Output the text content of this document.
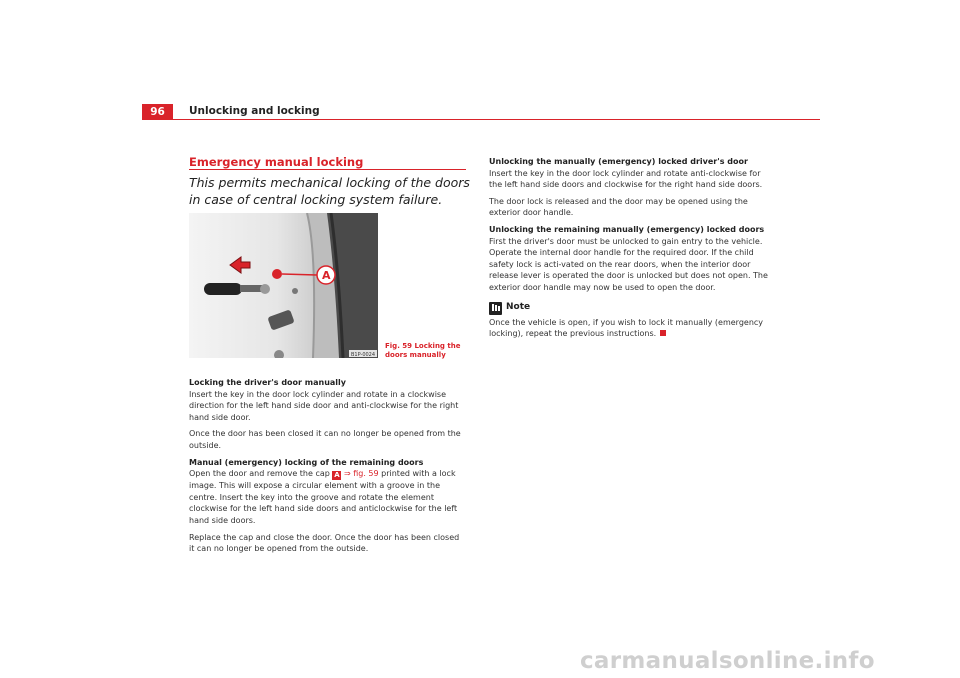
96	Unlocking and locking
Emergency manual locking
This permits mechanical locking of the doors in case of central locking system failure.
A
B1P-0024
Fig. 59 Locking the doors manually
Locking the driver's door manually

Insert the key in the door lock cylinder and rotate in a clockwise direction for the left hand side door and anti-clockwise for the right hand side door.

Once the door has been closed it can no longer be opened from the outside.

Manual (emergency) locking of the remaining doors

Open the door and remove the cap A ⇒ fig. 59 printed with a lock image. This will expose a circular element with a groove in the centre. Insert the key into the groove and rotate the element clockwise for the left hand side doors and anticlockwise for the left hand side doors.

Replace the cap and close the door. Once the door has been closed it can no longer be opened from the outside.

Unlocking the manually (emergency) locked driver's door

Insert the key in the door lock cylinder and rotate anti-clockwise for the left hand side doors and clockwise for the right hand side doors.

The door lock is released and the door may be opened using the exterior door handle.

Unlocking the remaining manually (emergency) locked doors

First the driver's door must be unlocked to gain entry to the vehicle. Operate the internal door handle for the required door. If the child safety lock is acti-vated on the rear doors, when the interior door release lever is operated the door is unlocked but does not open. The exterior door handle may now be used to open the door.

Note

Once the vehicle is open, if you wish to lock it manually (emergency locking), repeat the previous instructions.

carmanualsonline.info
